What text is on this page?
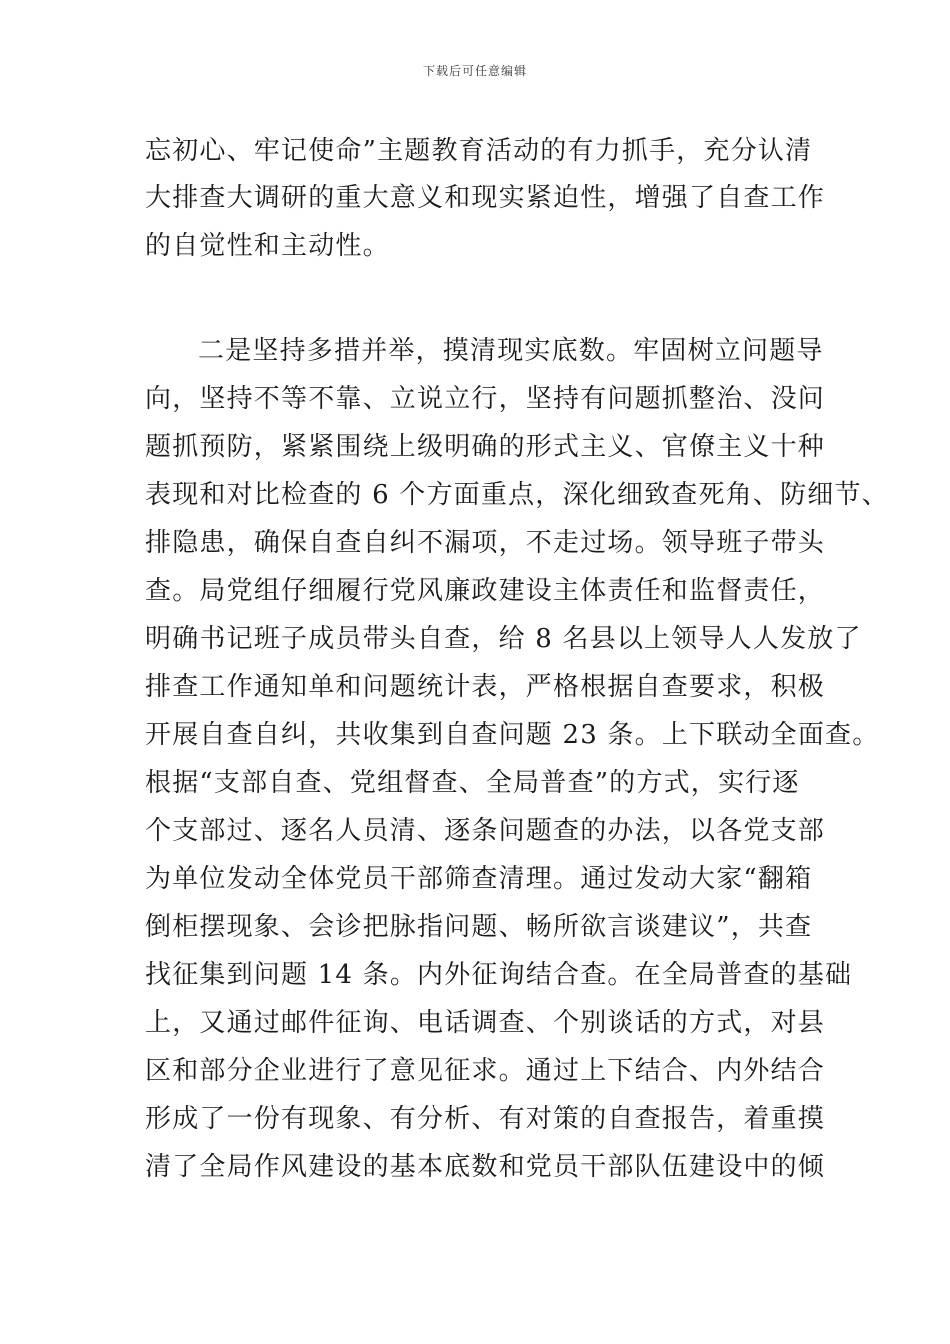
下载后可任意编辑
忘初心、牢记使命”主题教育活动的有力抓手，充分认清
大排查大调研的重大意义和现实紧迫性，增强了自查工作
的自觉性和主动性。
二是坚持多措并举，摸清现实底数。牢固树立问题导
向，坚持不等不靠、立说立行，坚持有问题抓整治、没问
题抓预防，紧紧围绕上级明确的形式主义、官僚主义十种
表现和对比检查的 6 个方面重点，深化细致查死角、防细节、
排隐患，确保自查自纠不漏项，不走过场。领导班子带头
查。局党组仔细履行党风廉政建设主体责任和监督责任，
明确书记班子成员带头自查，给 8 名县以上领导人人发放了
排查工作通知单和问题统计表，严格根据自查要求，积极
开展自查自纠，共收集到自查问题 23 条。上下联动全面查。
根据“支部自查、党组督查、全局普查”的方式，实行逐
个支部过、逐名人员清、逐条问题查的办法，以各党支部
为单位发动全体党员干部筛查清理。通过发动大家“翻箱
倒柜摆现象、会诊把脉指问题、畅所欲言谈建议”，共查
找征集到问题 14 条。内外征询结合查。在全局普查的基础
上，又通过邮件征询、电话调查、个别谈话的方式，对县
区和部分企业进行了意见征求。通过上下结合、内外结合
形成了一份有现象、有分析、有对策的自查报告，着重摸
清了全局作风建设的基本底数和党员干部队伍建设中的倾
